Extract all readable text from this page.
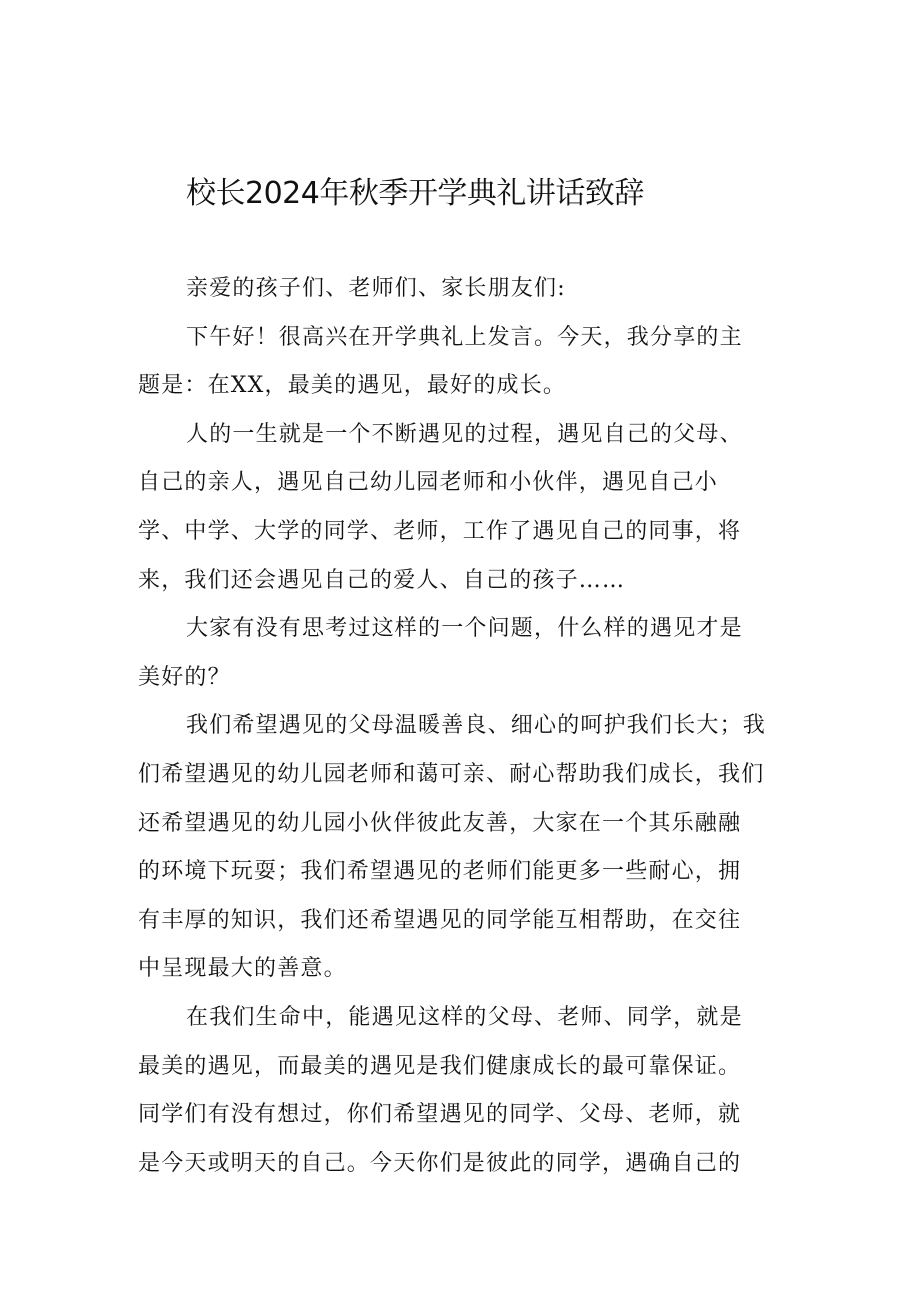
校长2024年秋季开学典礼讲话致辞

亲爱的孩子们、老师们、家长朋友们:

下午好！很高兴在开学典礼上发言。今天，我分享的主
题是：在XX，最美的遇见，最好的成长。

人的一生就是一个不断遇见的过程，遇见自己的父母、
自己的亲人，遇见自己幼儿园老师和小伙伴，遇见自己小
学、中学、大学的同学、老师，工作了遇见自己的同事，将
来，我们还会遇见自己的爱人、自己的孩子……

大家有没有思考过这样的一个问题，什么样的遇见才是
美好的？

我们希望遇见的父母温暖善良、细心的呵护我们长大；我
们希望遇见的幼儿园老师和蔼可亲、耐心帮助我们成长，我们
还希望遇见的幼儿园小伙伴彼此友善，大家在一个其乐融融
的环境下玩耍；我们希望遇见的老师们能更多一些耐心，拥
有丰厚的知识，我们还希望遇见的同学能互相帮助，在交往
中呈现最大的善意。

在我们生命中，能遇见这样的父母、老师、同学，就是
最美的遇见，而最美的遇见是我们健康成长的最可靠保证。
同学们有没有想过，你们希望遇见的同学、父母、老师，就
是今天或明天的自己。今天你们是彼此的同学，遇确自己的
